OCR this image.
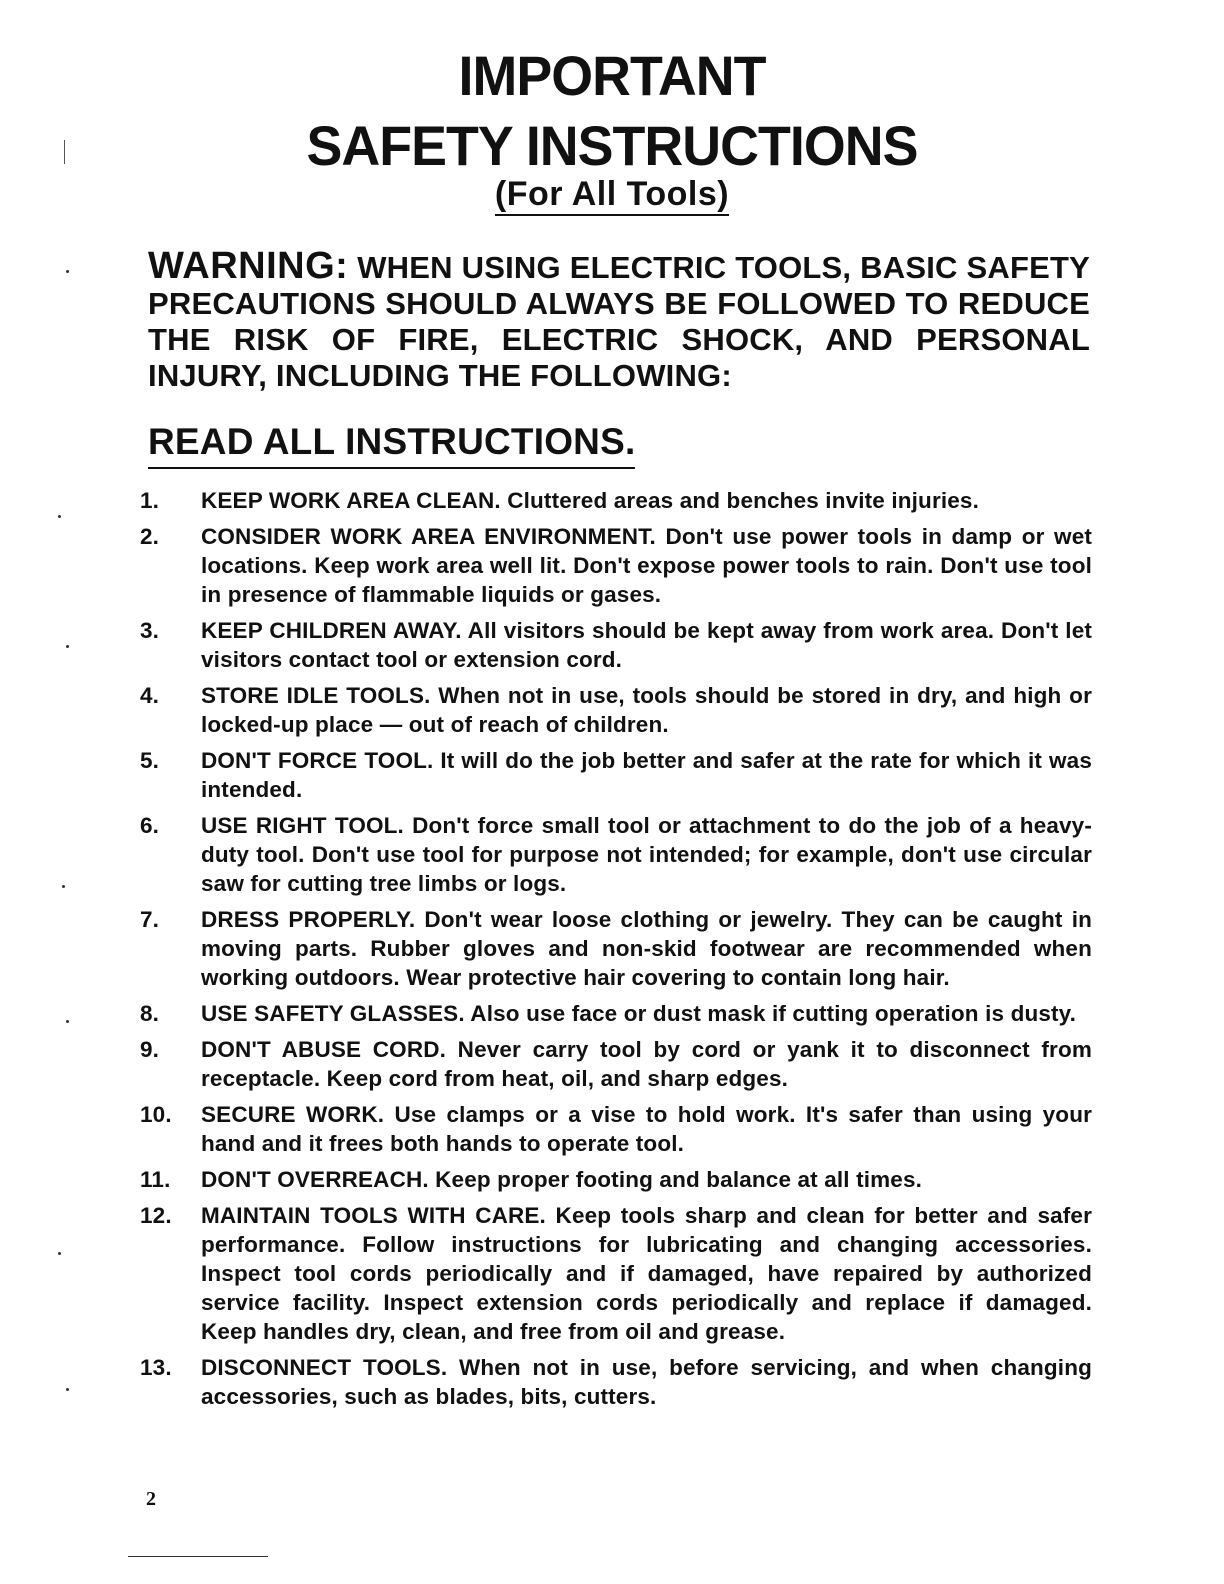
IMPORTANT
SAFETY INSTRUCTIONS
(For All Tools)
WARNING: WHEN USING ELECTRIC TOOLS, BASIC SAFETY PRECAUTIONS SHOULD ALWAYS BE FOLLOWED TO REDUCE THE RISK OF FIRE, ELECTRIC SHOCK, AND PERSONAL INJURY, INCLUDING THE FOLLOWING:
READ ALL INSTRUCTIONS.
1.	KEEP WORK AREA CLEAN. Cluttered areas and benches invite injuries.
2.	CONSIDER WORK AREA ENVIRONMENT. Don't use power tools in damp or wet locations. Keep work area well lit. Don't expose power tools to rain. Don't use tool in presence of flammable liquids or gases.
3.	KEEP CHILDREN AWAY. All visitors should be kept away from work area. Don't let visitors contact tool or extension cord.
4.	STORE IDLE TOOLS. When not in use, tools should be stored in dry, and high or locked-up place — out of reach of children.
5.	DON'T FORCE TOOL. It will do the job better and safer at the rate for which it was intended.
6.	USE RIGHT TOOL. Don't force small tool or attachment to do the job of a heavy-duty tool. Don't use tool for purpose not intended; for example, don't use circular saw for cutting tree limbs or logs.
7.	DRESS PROPERLY. Don't wear loose clothing or jewelry. They can be caught in moving parts. Rubber gloves and non-skid footwear are recommended when working outdoors. Wear protective hair covering to contain long hair.
8.	USE SAFETY GLASSES. Also use face or dust mask if cutting operation is dusty.
9.	DON'T ABUSE CORD. Never carry tool by cord or yank it to disconnect from receptacle. Keep cord from heat, oil, and sharp edges.
10.	SECURE WORK. Use clamps or a vise to hold work. It's safer than using your hand and it frees both hands to operate tool.
11.	DON'T OVERREACH. Keep proper footing and balance at all times.
12.	MAINTAIN TOOLS WITH CARE. Keep tools sharp and clean for better and safer performance. Follow instructions for lubricating and changing accessories. Inspect tool cords periodically and if damaged, have repaired by authorized service facility. Inspect extension cords periodically and replace if damaged. Keep handles dry, clean, and free from oil and grease.
13.	DISCONNECT TOOLS. When not in use, before servicing, and when changing accessories, such as blades, bits, cutters.
2
